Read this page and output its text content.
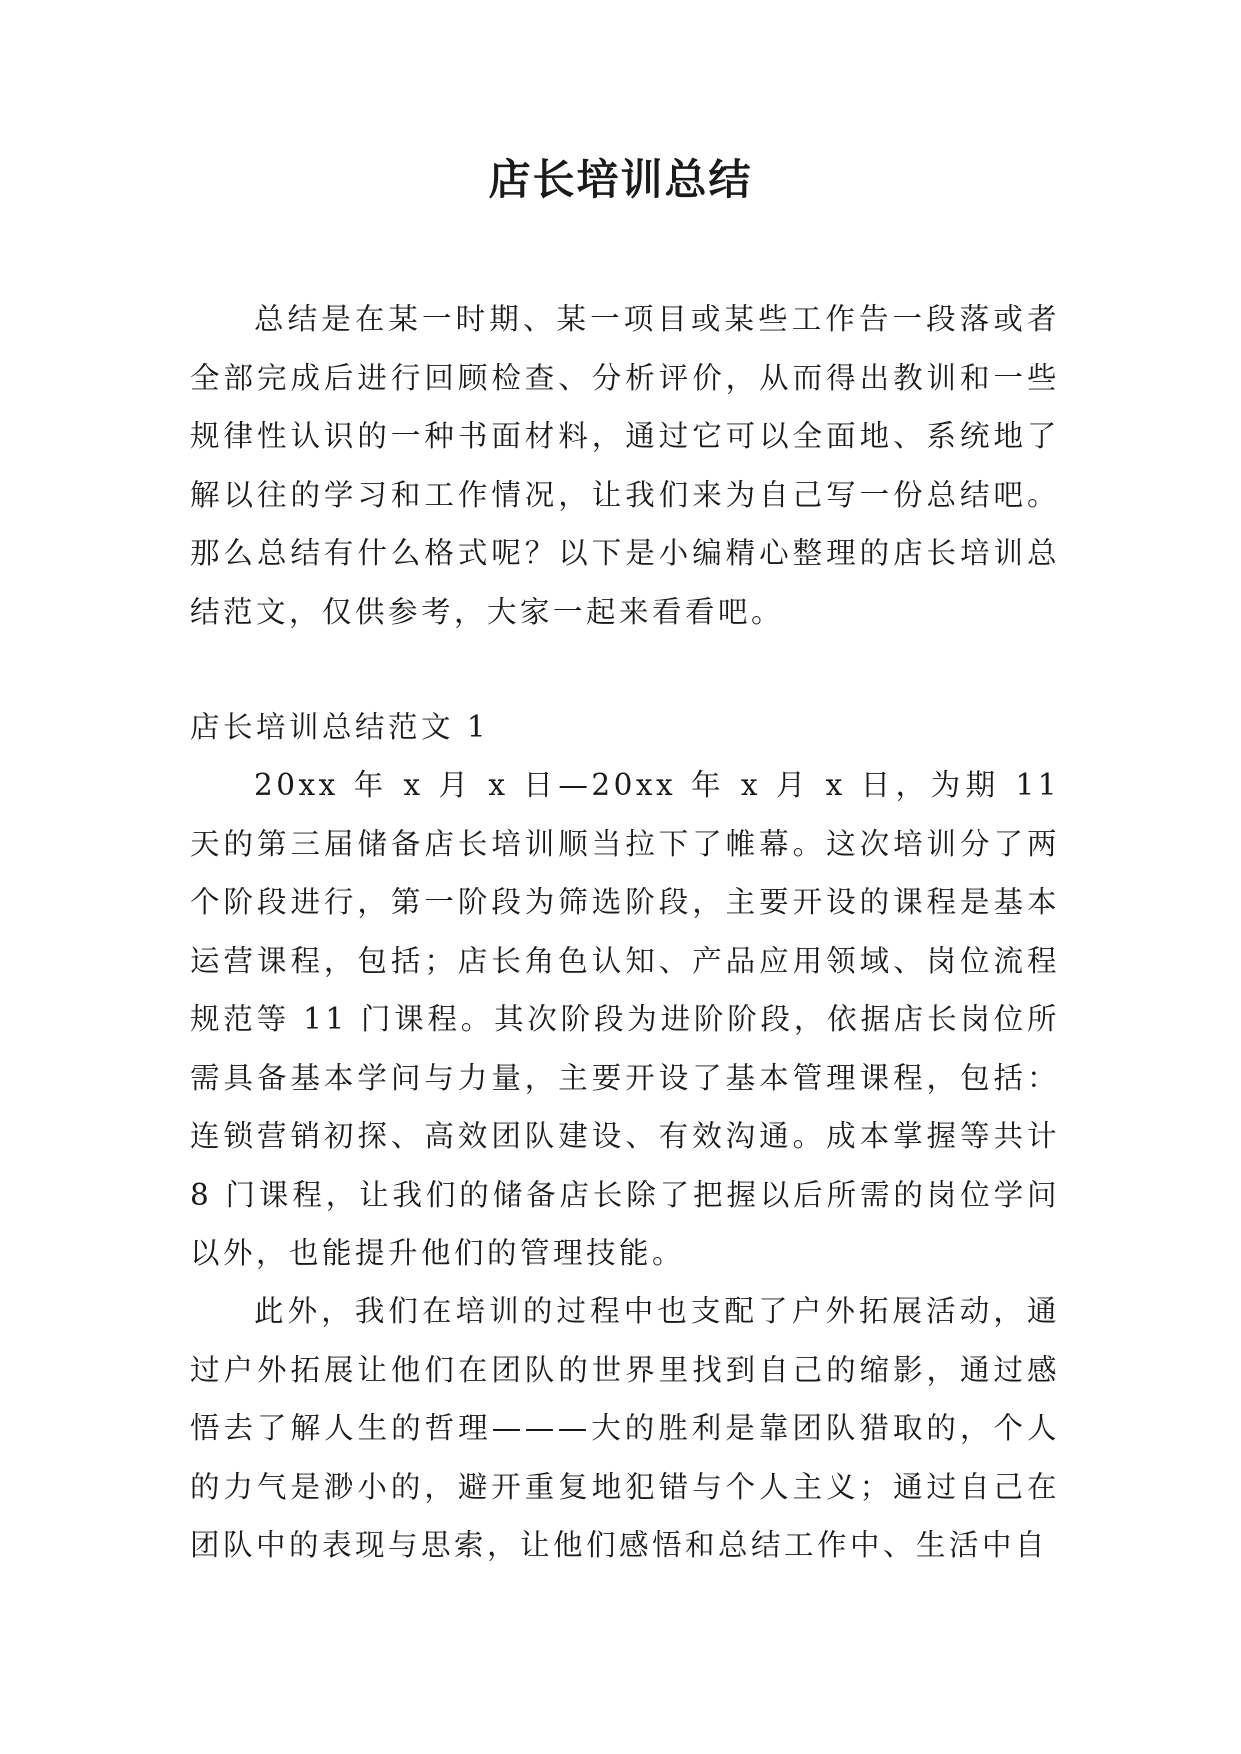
店长培训总结

总结是在某一时期、某一项目或某些工作告一段落或者全部完成后进行回顾检查、分析评价，从而得出教训和一些规律性认识的一种书面材料，通过它可以全面地、系统地了解以往的学习和工作情况，让我们来为自己写一份总结吧。那么总结有什么格式呢？以下是小编精心整理的店长培训总结范文，仅供参考，大家一起来看看吧。

店长培训总结范文 1

20xx 年 x 月 x 日—20xx 年 x 月 x 日，为期 11 天的第三届储备店长培训顺当拉下了帷幕。这次培训分了两个阶段进行，第一阶段为筛选阶段，主要开设的课程是基本运营课程，包括；店长角色认知、产品应用领域、岗位流程规范等 11 门课程。其次阶段为进阶阶段，依据店长岗位所需具备基本学问与力量，主要开设了基本管理课程，包括：连锁营销初探、高效团队建设、有效沟通。成本掌握等共计 8 门课程，让我们的储备店长除了把握以后所需的岗位学问以外，也能提升他们的管理技能。

此外，我们在培训的过程中也支配了户外拓展活动，通过户外拓展让他们在团队的世界里找到自己的缩影，通过感悟去了解人生的哲理———大的胜利是靠团队猎取的，个人的力气是渺小的，避开重复地犯错与个人主义；通过自己在团队中的表现与思索，让他们感悟和总结工作中、生活中自
